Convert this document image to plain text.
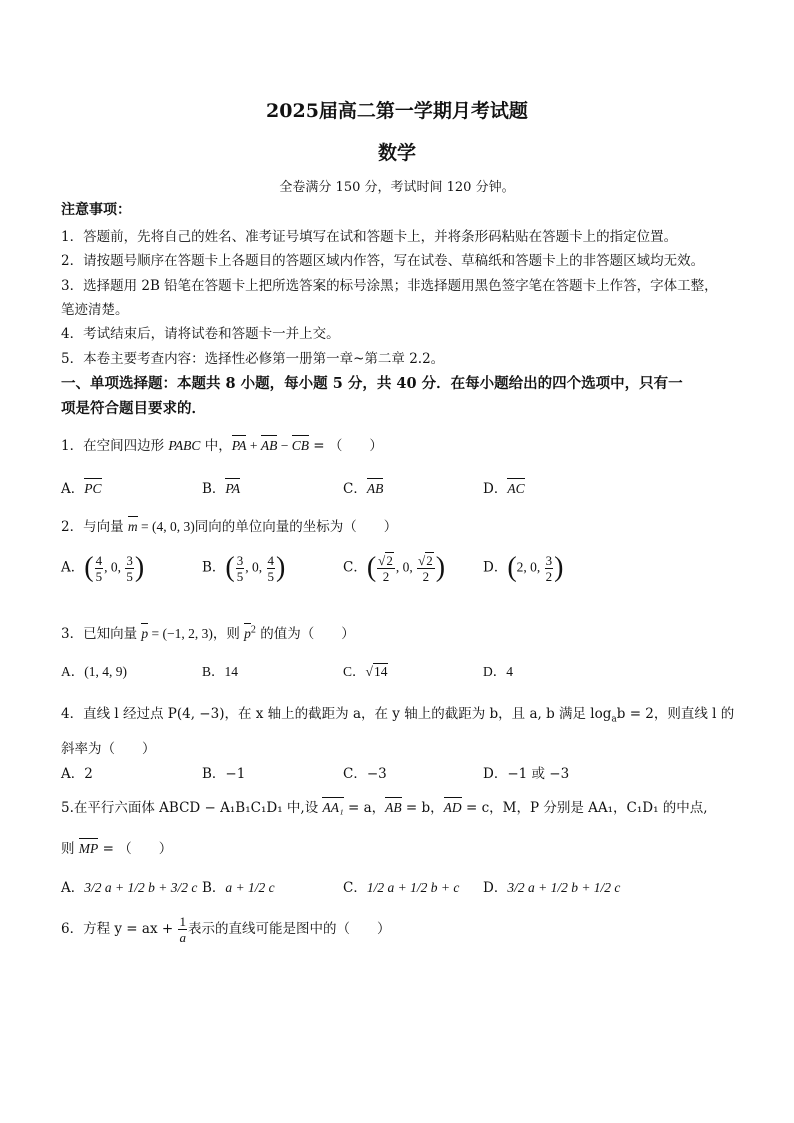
2025届高二第一学期月考试题
数学
全卷满分 150 分，考试时间 120 分钟。
注意事项：
1．答题前，先将自己的姓名、准考证号填写在试和答题卡上，并将条形码粘贴在答题卡上的指定位置。
2．请按题号顺序在答题卡上各题目的答题区域内作答，写在试卷、草稿纸和答题卡上的非答题区域均无效。
3．选择题用 2B 铅笔在答题卡上把所选答案的标号涂黑；非选择题用黑色签字笔在答题卡上作答，字体工整，
笔迹清楚。
4．考试结束后，请将试卷和答题卡一并上交。
5．本卷主要考查内容：选择性必修第一册第一章~第二章 2.2。
一、单项选择题：本题共 8 小题，每小题 5 分，共 40 分．在每小题给出的四个选项中，只有一
项是符合题目要求的．
1．在空间四边形 PABC 中，PA + AB − CB = （　　）
A．PC	B．PA	C．AB	D．AC
2．与向量 m = (4, 0, 3)同向的单位向量的坐标为（　　）
A．( $\frac{4}{5}$ , 0, $\frac{3}{5}$ )	B．( $\frac{3}{5}$ , 0, $\frac{4}{5}$ )	C．( $\frac{√2}{2}$ , 0, $\frac{√2}{2}$ )	D．(2, 0, $\frac{3}{2}$ )
3．已知向量 p = (−1, 2, 3)，则 $p^2$ 的值为（　　）
A．(1, 4, 9)	B．14	C．√14	D．4
4．直线 l 经过点 P(4, −3)，在 x 轴上的截距为 a，在 y 轴上的截距为 b，且 a, b 满足 $\log_ab = 2$，则直线 l 的
斜率为（　　）
A．2	B．−1	C．−3	D．−1 或 −3
5.在平行六面体 ABCD − A₁B₁C₁D₁ 中,设 AA₁ = a，AB = b，AD = c，M，P 分别是 AA₁，C₁D₁ 的中点,
则 MP = （　　）
A．3/2 a + 1/2 b + 3/2 c B．a + 1/2 c	C．1/2 a + 1/2 b + c D．3/2 a + 1/2 b + 1/2 c
6．方程 y = ax + $\frac{1}{a}$ 表示的直线可能是图中的（　　）
